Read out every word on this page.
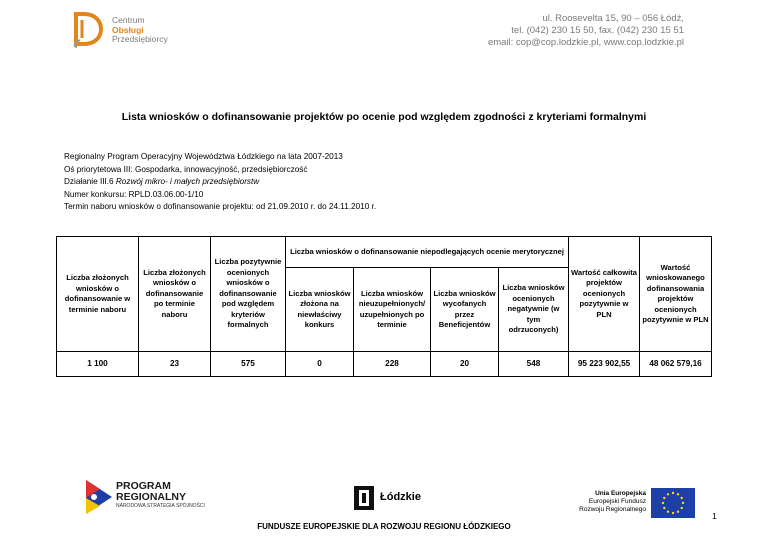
Centrum
Obsługi
Przedsiębiorcy
ul. Roosevelta 15, 90 – 056 Łódź,
tel. (042) 230 15 50, fax. (042) 230 15 51
email: cop@cop.lodzkie.pl, www.cop.lodzkie.pl
Lista wniosków o dofinansowanie projektów po ocenie pod względem zgodności z kryteriami formalnymi
Regionalny Program Operacyjny Województwa Łódzkiego na lata 2007-2013
Oś priorytetowa III: Gospodarka, innowacyjność, przedsiębiorczość
Działanie III.6 Rozwój mikro- i małych przedsiębiorstw
Numer konkursu: RPLD.03.06.00-1/10
Termin naboru wniosków o dofinansowanie projektu: od 21.09.2010 r. do 24.11.2010 r.
Liczba złożonych wniosków o dofinansowanie w terminie naboru	Liczba złożonych wniosków o dofinansowanie po terminie naboru	Liczba pozytywnie ocenionych wniosków o dofinansowanie pod względem kryteriów formalnych	Liczba wniosków o dofinansowanie niepodlegających ocenie merytorycznej				Wartość całkowita projektów ocenionych pozytywnie w PLN	Wartość wnioskowanego dofinansowania projektów ocenionych pozytywnie w PLN
			Liczba wniosków złożona na niewłaściwy konkurs	Liczba wniosków nieuzupełnionych/ uzupełnionych po terminie	Liczba wniosków wycofanych przez Beneficjentów	Liczba wniosków ocenionych negatywnie (w tym odrzuconych)		
1 100	23	575	0	228	20	548	95 223 902,55	48 062 579,16
PROGRAM
REGIONALNY
NARODOWA STRATEGIA SPÓJNOŚCI
Łódzkie	Unia Europejska
Europejski Fundusz
Rozwoju Regionalnego
1
FUNDUSZE EUROPEJSKIE DLA ROZWOJU REGIONU ŁÓDZKIEGO
